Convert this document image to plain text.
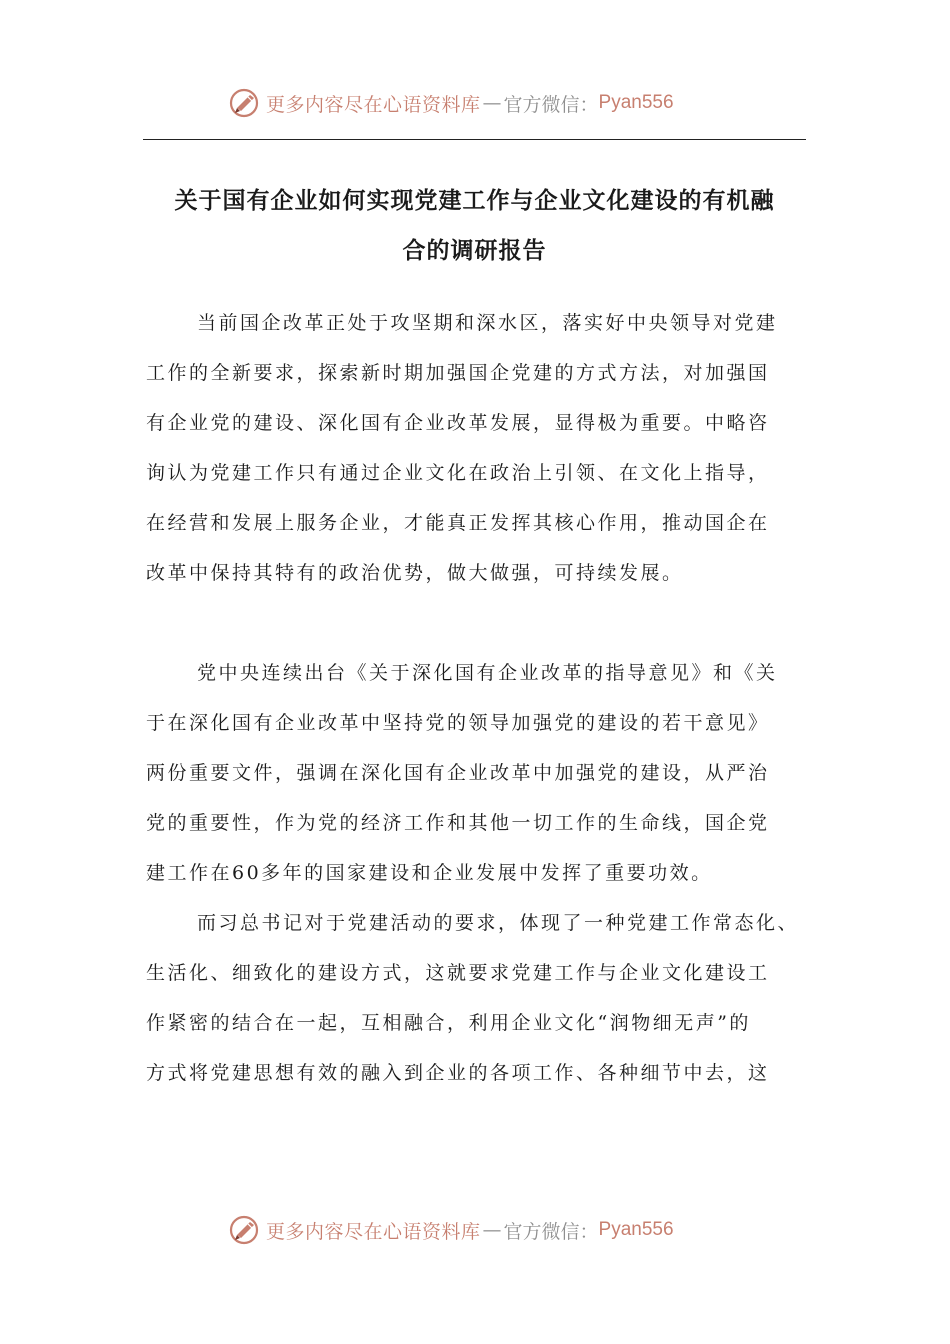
更多内容尽在心语资料库 — 官方微信： Pyan556
关于国有企业如何实现党建工作与企业文化建设的有机融
合的调研报告
当前国企改革正处于攻坚期和深水区，落实好中央领导对党建
工作的全新要求，探索新时期加强国企党建的方式方法，对加强国
有企业党的建设、深化国有企业改革发展，显得极为重要。中略咨
询认为党建工作只有通过企业文化在政治上引领、在文化上指导，
在经营和发展上服务企业，才能真正发挥其核心作用，推动国企在
改革中保持其特有的政治优势，做大做强，可持续发展。
党中央连续出台《关于深化国有企业改革的指导意见》和《关
于在深化国有企业改革中坚持党的领导加强党的建设的若干意见》
两份重要文件，强调在深化国有企业改革中加强党的建设，从严治
党的重要性，作为党的经济工作和其他一切工作的生命线，国企党
建工作在60多年的国家建设和企业发展中发挥了重要功效。
而习总书记对于党建活动的要求，体现了一种党建工作常态化、
生活化、细致化的建设方式，这就要求党建工作与企业文化建设工
作紧密的结合在一起，互相融合，利用企业文化“润物细无声”的
方式将党建思想有效的融入到企业的各项工作、各种细节中去，这
更多内容尽在心语资料库 — 官方微信： Pyan556
